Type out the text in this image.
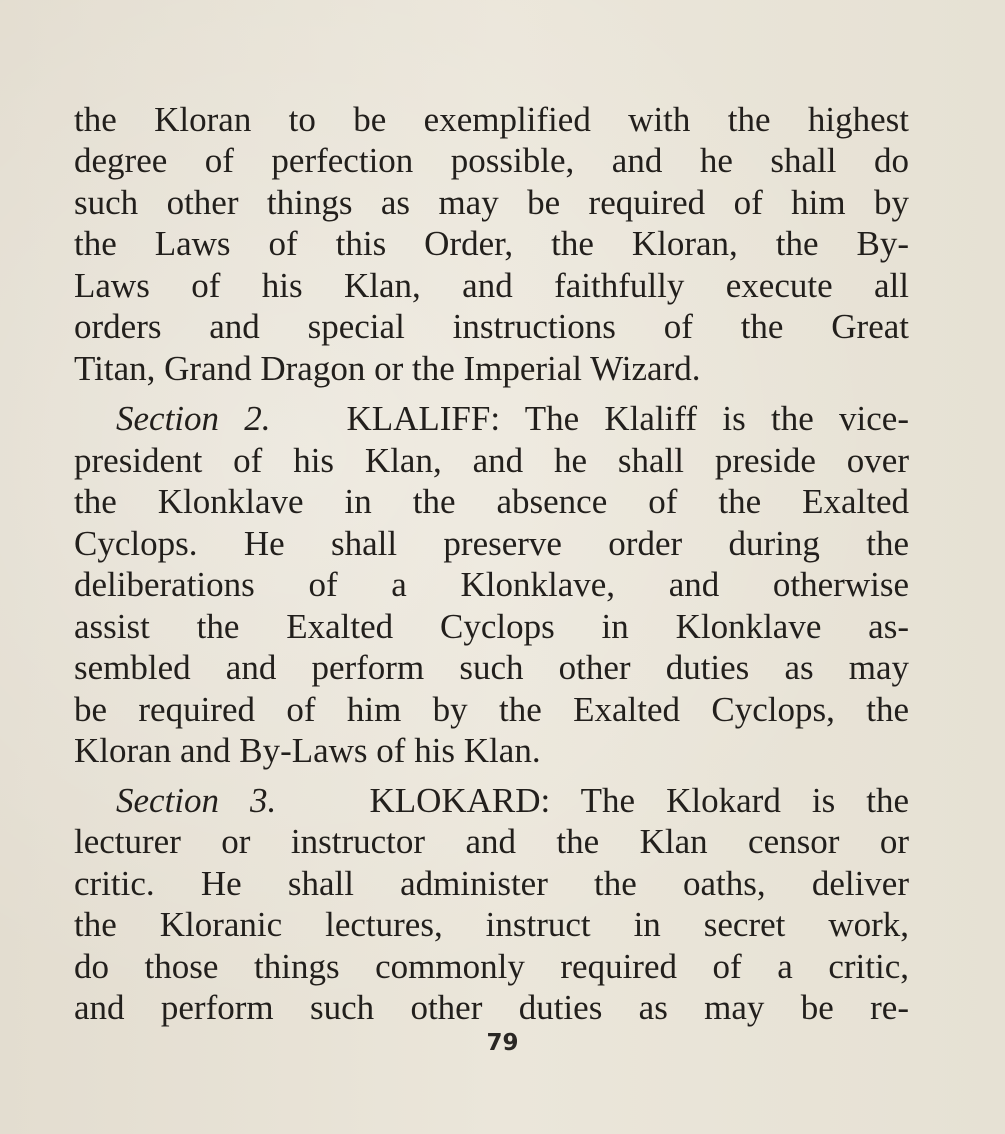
the Kloran to be exemplified with the highest
degree of perfection possible, and he shall do
such other things as may be required of him by
the Laws of this Order, the Kloran, the By-
Laws of his Klan, and faithfully execute all
orders and special instructions of the Great
Titan, Grand Dragon or the Imperial Wizard.
Section 2. KLALIFF: The Klaliff is the vice-
president of his Klan, and he shall preside over
the Klonklave in the absence of the Exalted
Cyclops. He shall preserve order during the
deliberations of a Klonklave, and otherwise
assist the Exalted Cyclops in Klonklave as-
sembled and perform such other duties as may
be required of him by the Exalted Cyclops, the
Kloran and By-Laws of his Klan.
Section 3.	KLOKARD: The Klokard is the
lecturer or instructor and the Klan censor or
critic. He shall administer the oaths, deliver
the Kloranic lectures, instruct in secret work,
do those things commonly required of a critic,
and perform such other duties as may be re-
79
